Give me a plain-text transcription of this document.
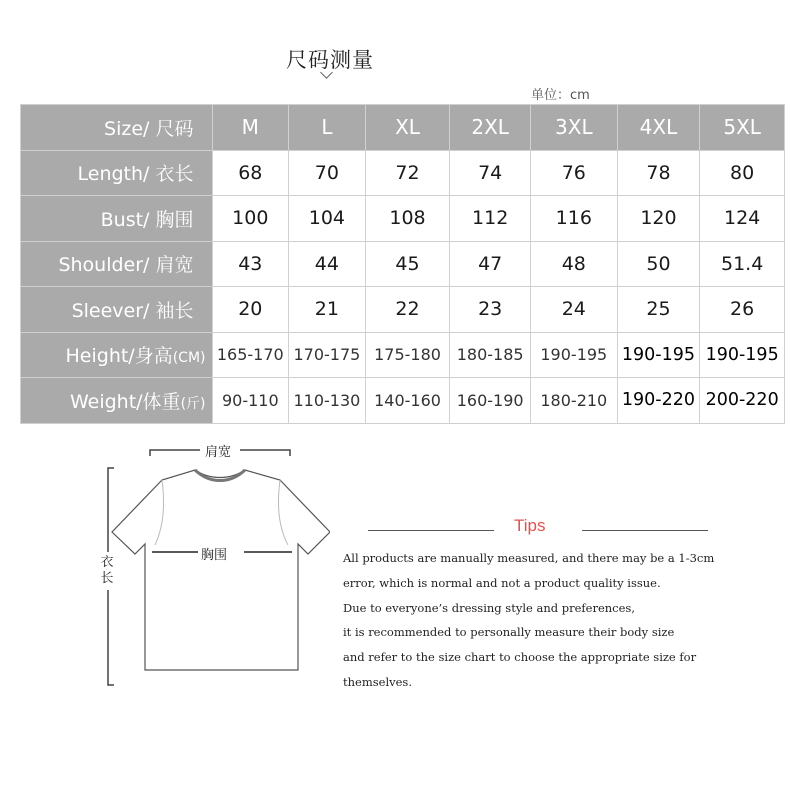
尺码测量
单位：cm
Size/ 尺码	M	L	XL	2XL	3XL	4XL	5XL
Length/ 衣长	68	70	72	74	76	78	80
Bust/ 胸围	100	104	108	112	116	120	124
Shoulder/ 肩宽	43	44	45	47	48	50	51.4
Sleever/ 袖长	20	21	22	23	24	25	26
Height/身高(CM)	165-170	170-175	175-180	180-185	190-195	190-195	190-195
Weight/体重(斤)	90-110	110-130	140-160	160-190	180-210	190-220	200-220
肩宽
胸围
衣长
Tips
All products are manually measured, and there may be a 1-3cm
error, which is normal and not a product quality issue.
Due to everyone’s dressing style and preferences,
it is recommended to personally measure their body size
and refer to the size chart to choose the appropriate size for
themselves.
